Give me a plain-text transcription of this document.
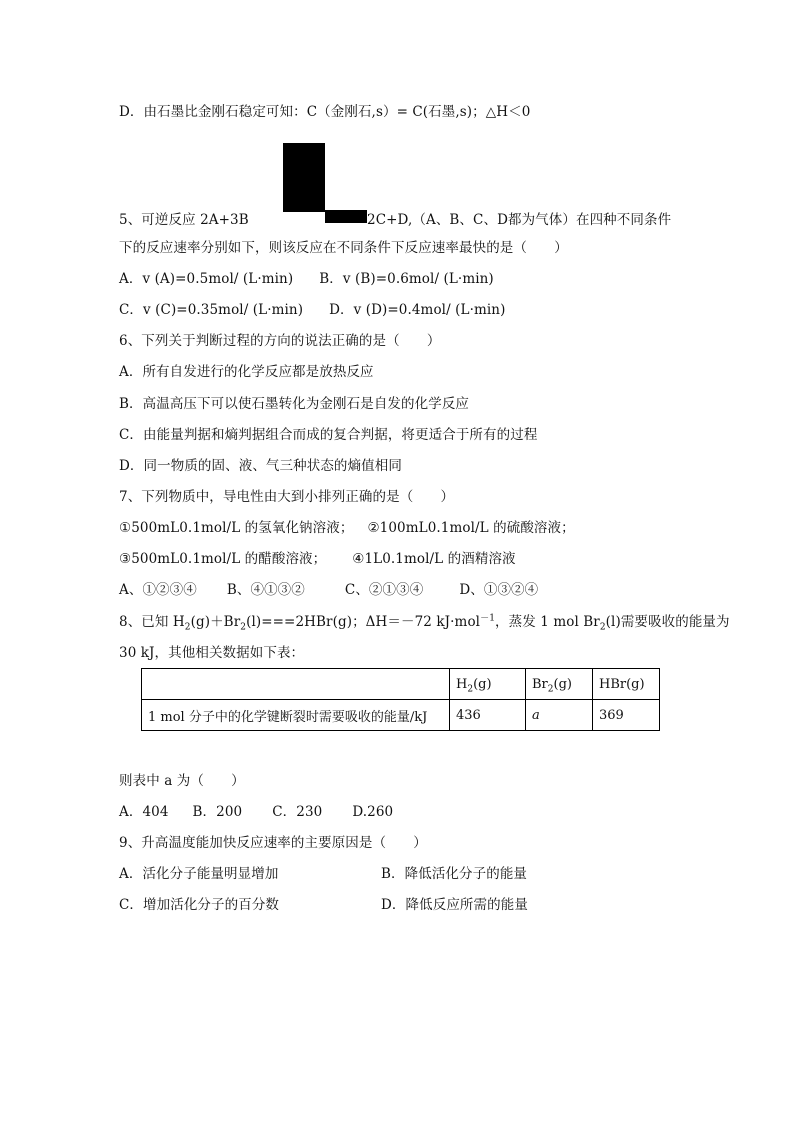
D．由石墨比金刚石稳定可知：C（金刚石,s）= C(石墨,s)；△H＜0
5、可逆反应 2A+3B	2C+D,（A、B、C、D都为气体）在四种不同条件
下的反应速率分别如下，则该反应在不同条件下反应速率最快的是（　　）
A．v (A)=0.5mol/ (L·min) B．v (B)=0.6mol/ (L·min)
C．v (C)=0.35mol/ (L·min) D．v (D)=0.4mol/ (L·min)
6、下列关于判断过程的方向的说法正确的是（　　）
A．所有自发进行的化学反应都是放热反应
B．高温高压下可以使石墨转化为金刚石是自发的化学反应
C．由能量判据和熵判据组合而成的复合判据，将更适合于所有的过程
D．同一物质的固、液、气三种状态的熵值相同
7、下列物质中，导电性由大到小排列正确的是（　　）
①500mL0.1mol/L 的氢氧化钠溶液； ②100mL0.1mol/L 的硫酸溶液；
③500mL0.1mol/L 的醋酸溶液； ④1L0.1mol/L 的酒精溶液
A、①②③④ B、④①③②	C、②①③④	D、①③②④
8、已知 $H_2(g)+Br_2(l)===2HBr(g)$；ΔH＝－72 kJ·mol$^{-1}$，蒸发 1 mol $Br_2(l)$需要吸收的能量为
30 kJ，其他相关数据如下表：
	$H_2(g)$	$Br_2(g)$	HBr(g)
1 mol 分子中的化学键断裂时需要吸收的能量/kJ	436	a	369
则表中 a 为（　　）
A．404 B．200 C．230 D.260
9、升高温度能加快反应速率的主要原因是（　　）
A．活化分子能量明显增加	B．降低活化分子的能量
C．增加活化分子的百分数	D．降低反应所需的能量
